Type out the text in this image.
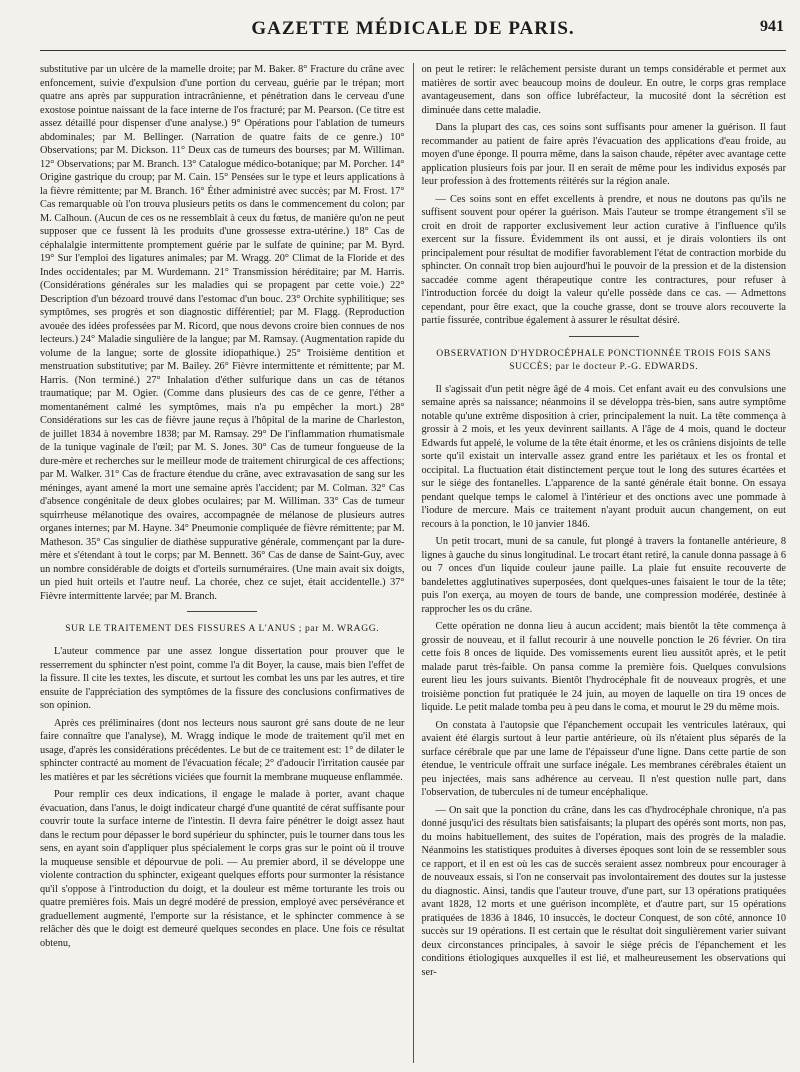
GAZETTE MÉDICALE DE PARIS.	941

substitutive par un ulcère de la mamelle droite; par M. Baker. 8° Fracture du crâne avec enfoncement, suivie d'expulsion d'une portion du cerveau, guérie par le trépan; mort quatre ans après par suppuration intracrânienne, et pénétration dans le cerveau d'une exostose pointue naissant de la face interne de l'os fracturé; par M. Pearson. (Ce titre est assez détaillé pour dispenser d'une analyse.) 9° Opérations pour l'ablation de tumeurs abdominales; par M. Bellinger. (Narration de quatre faits de ce genre.) 10° Observations; par M. Dickson. 11° Deux cas de tumeurs des bourses; par M. Williman. 12° Observations; par M. Branch. 13° Catalogue médico-botanique; par M. Porcher. 14° Origine gastrique du croup; par M. Cain. 15° Pensées sur le type et leurs applications à la fièvre rémittente; par M. Branch. 16° Éther administré avec succès; par M. Frost. 17° Cas remarquable où l'on trouva plusieurs petits os dans le commencement du colon; par M. Calhoun. (Aucun de ces os ne ressemblait à ceux du fœtus, de manière qu'on ne peut supposer que ce fussent là les produits d'une grossesse extra-utérine.) 18° Cas de céphalalgie intermittente promptement guérie par le sulfate de quinine; par M. Byrd. 19° Sur l'emploi des ligatures animales; par M. Wragg. 20° Climat de la Floride et des Indes occidentales; par M. Wurdemann. 21° Transmission héréditaire; par M. Harris. (Considérations générales sur les maladies qui se propagent par cette voie.) 22° Description d'un bézoard trouvé dans l'estomac d'un bouc. 23° Orchite syphilitique; ses symptômes, ses progrès et son diagnostic différentiel; par M. Flagg. (Reproduction avouée des idées professées par M. Ricord, que nous devons croire bien connues de nos lecteurs.) 24° Maladie singulière de la langue; par M. Ramsay. (Augmentation rapide du volume de la langue; sorte de glossite idiopathique.) 25° Troisième dentition et menstruation substitutive; par M. Bailey. 26° Fièvre intermittente et rémittente; par M. Harris. (Non terminé.) 27° Inhalation d'éther sulfurique dans un cas de tétanos traumatique; par M. Ogier. (Comme dans plusieurs des cas de ce genre, l'éther a momentanément calmé les symptômes, mais n'a pu empêcher la mort.) 28° Considérations sur les cas de fièvre jaune reçus à l'hôpital de la marine de Charleston, de juillet 1834 à novembre 1838; par M. Ramsay. 29° De l'inflammation rhumatismale de la tunique vaginale de l'œil; par M. S. Jones. 30° Cas de tumeur fongueuse de la dure-mère et recherches sur le meilleur mode de traitement chirurgical de ces affections; par M. Walker. 31° Cas de fracture étendue du crâne, avec extravasation de sang sur les méninges, ayant amené la mort une semaine après l'accident; par M. Colman. 32° Cas d'absence congénitale de deux globes oculaires; par M. Williman. 33° Cas de tumeur squirrheuse mélanotique des ovaires, accompagnée de mélanose de plusieurs autres organes internes; par M. Hayne. 34° Pneumonie compliquée de fièvre rémittente; par M. Matheson. 35° Cas singulier de diathèse suppurative générale, commençant par la dure-mère et s'étendant à tout le corps; par M. Bennett. 36° Cas de danse de Saint-Guy, avec un nombre considérable de doigts et d'orteils surnuméraires. (Une main avait six doigts, un pied huit orteils et l'autre neuf. La chorée, chez ce sujet, était accidentelle.) 37° Fièvre intermittente larvée; par M. Branch.

SUR LE TRAITEMENT DES FISSURES A L'ANUS ; par M. WRAGG.

L'auteur commence par une assez longue dissertation pour prouver que le resserrement du sphincter n'est point, comme l'a dit Boyer, la cause, mais bien l'effet de la fissure. Il cite les textes, les discute, et surtout les combat les uns par les autres, et tire ensuite de l'appréciation des symptômes de la fissure des conclusions confirmatives de son opinion.

Après ces préliminaires (dont nos lecteurs nous sauront gré sans doute de ne leur faire connaître que l'analyse), M. Wragg indique le mode de traitement qu'il met en usage, d'après les considérations précédentes. Le but de ce traitement est: 1° de dilater le sphincter contracté au moment de l'évacuation fécale; 2° d'adoucir l'irritation causée par les matières et par les sécrétions viciées que fournit la membrane muqueuse enflammée.

Pour remplir ces deux indications, il engage le malade à porter, avant chaque évacuation, dans l'anus, le doigt indicateur chargé d'une quantité de cérat suffisante pour couvrir toute la surface interne de l'intestin. Il devra faire pénétrer le doigt assez haut dans le rectum pour dépasser le bord supérieur du sphincter, puis le tourner dans tous les sens, en ayant soin d'appliquer plus spécialement le corps gras sur le point où il trouve la muqueuse sensible et dépourvue de poli. — Au premier abord, il se développe une violente contraction du sphincter, exigeant quelques efforts pour surmonter la résistance qu'il s'oppose à l'introduction du doigt, et la douleur est même torturante les trois ou quatre premières fois. Mais un degré modéré de pression, employé avec persévérance et graduellement augmenté, l'emporte sur la résistance, et le sphincter commence à se relâcher dès que le doigt est demeuré quelques secondes en place. Une fois ce résultat obtenu,

on peut le retirer: le relâchement persiste durant un temps considérable et permet aux matières de sortir avec beaucoup moins de douleur. En outre, le corps gras remplace avantageusement, dans son office lubréfacteur, la mucosité dont la sécrétion est diminuée dans cette maladie.

Dans la plupart des cas, ces soins sont suffisants pour amener la guérison. Il faut recommander au patient de faire après l'évacuation des applications d'eau froide, au moyen d'une éponge. Il pourra même, dans la saison chaude, répéter avec avantage cette application plusieurs fois par jour. Il en serait de même pour les individus exposés par leur profession à des frottements réitérés sur la région anale.

— Ces soins sont en effet excellents à prendre, et nous ne doutons pas qu'ils ne suffisent souvent pour opérer la guérison. Mais l'auteur se trompe étrangement s'il se croit en droit de rapporter exclusivement leur action curative à l'influence qu'ils exercent sur la fissure. Évidemment ils ont aussi, et je dirais volontiers ils ont principalement pour résultat de modifier favorablement l'état de contraction morbide du sphincter. On connaît trop bien aujourd'hui le pouvoir de la pression et de la distension saccadée comme agent thérapeutique contre les contractures, pour refuser à l'introduction forcée du doigt la valeur qu'elle possède dans ce cas. — Admettons cependant, pour être exact, que la couche grasse, dont se trouve alors recouverte la partie fissurée, contribue également à assurer le résultat désiré.

OBSERVATION D'HYDROCÉPHALE PONCTIONNÉE TROIS FOIS SANS SUCCÈS; par le docteur P.-G. EDWARDS.

Il s'agissait d'un petit nègre âgé de 4 mois. Cet enfant avait eu des convulsions une semaine après sa naissance; néanmoins il se développa très-bien, sans autre symptôme notable qu'une extrême disposition à crier, principalement la nuit. La tête commença à grossir à 2 mois, et les yeux devinrent saillants. A l'âge de 4 mois, quand le docteur Edwards fut appelé, le volume de la tête était énorme, et les os crâniens disjoints de telle sorte qu'il existait un intervalle assez grand entre les pariétaux et les os frontal et occipital. La fluctuation était distinctement perçue tout le long des sutures écartées et sur le siége des fontanelles. L'apparence de la santé générale était bonne. On essaya pendant quelque temps le calomel à l'intérieur et des onctions avec une pommade à l'iodure de mercure. Mais ce traitement n'ayant produit aucun changement, on eut recours à la ponction, le 10 janvier 1846.

Un petit trocart, muni de sa canule, fut plongé à travers la fontanelle antérieure, 8 lignes à gauche du sinus longitudinal. Le trocart étant retiré, la canule donna passage à 6 ou 7 onces d'un liquide couleur jaune paille. La plaie fut ensuite recouverte de bandelettes agglutinatives superposées, dont quelques-unes faisaient le tour de la tête; puis l'on exerça, au moyen de tours de bande, une compression modérée, destinée à rapprocher les os du crâne.

Cette opération ne donna lieu à aucun accident; mais bientôt la tête commença à grossir de nouveau, et il fallut recourir à une nouvelle ponction le 26 février. On tira cette fois 8 onces de liquide. Des vomissements eurent lieu aussitôt après, et le petit malade parut très-faible. On pansa comme la première fois. Quelques convulsions eurent lieu les jours suivants. Bientôt l'hydrocéphale fit de nouveaux progrès, et une troisième ponction fut pratiquée le 24 juin, au moyen de laquelle on tira 19 onces de liquide. Le petit malade tomba peu à peu dans le coma, et mourut le 29 du même mois.

On constata à l'autopsie que l'épanchement occupait les ventricules latéraux, qui avaient été élargis surtout à leur partie antérieure, où ils n'étaient plus séparés de la surface cérébrale que par une lame de l'épaisseur d'une ligne. Dans cette partie de son étendue, le ventricule offrait une surface inégale. Les membranes cérébrales étaient un peu injectées, mais sans adhérence au cerveau. Il n'est question nulle part, dans l'observation, de tubercules ni de tumeur encéphalique.

— On sait que la ponction du crâne, dans les cas d'hydrocéphale chronique, n'a pas donné jusqu'ici des résultats bien satisfaisants; la plupart des opérés sont morts, non pas, du moins habituellement, des suites de l'opération, mais des progrès de la maladie. Néanmoins les statistiques produites à diverses époques sont loin de se ressembler sous ce rapport, et il en est où les cas de succès seraient assez nombreux pour encourager à de nouveaux essais, si l'on ne conservait pas involontairement des doutes sur la justesse du diagnostic. Ainsi, tandis que l'auteur trouve, d'une part, sur 13 opérations pratiquées avant 1828, 12 morts et une guérison incomplète, et d'autre part, sur 15 opérations pratiquées de 1836 à 1846, 10 insuccès, le docteur Conquest, de son côté, annonce 10 succès sur 19 opérations. Il est certain que le résultat doit singulièrement varier suivant deux circonstances principales, à savoir le siége précis de l'épanchement et les conditions étiologiques auxquelles il est lié, et malheureusement les observations qui ser-
